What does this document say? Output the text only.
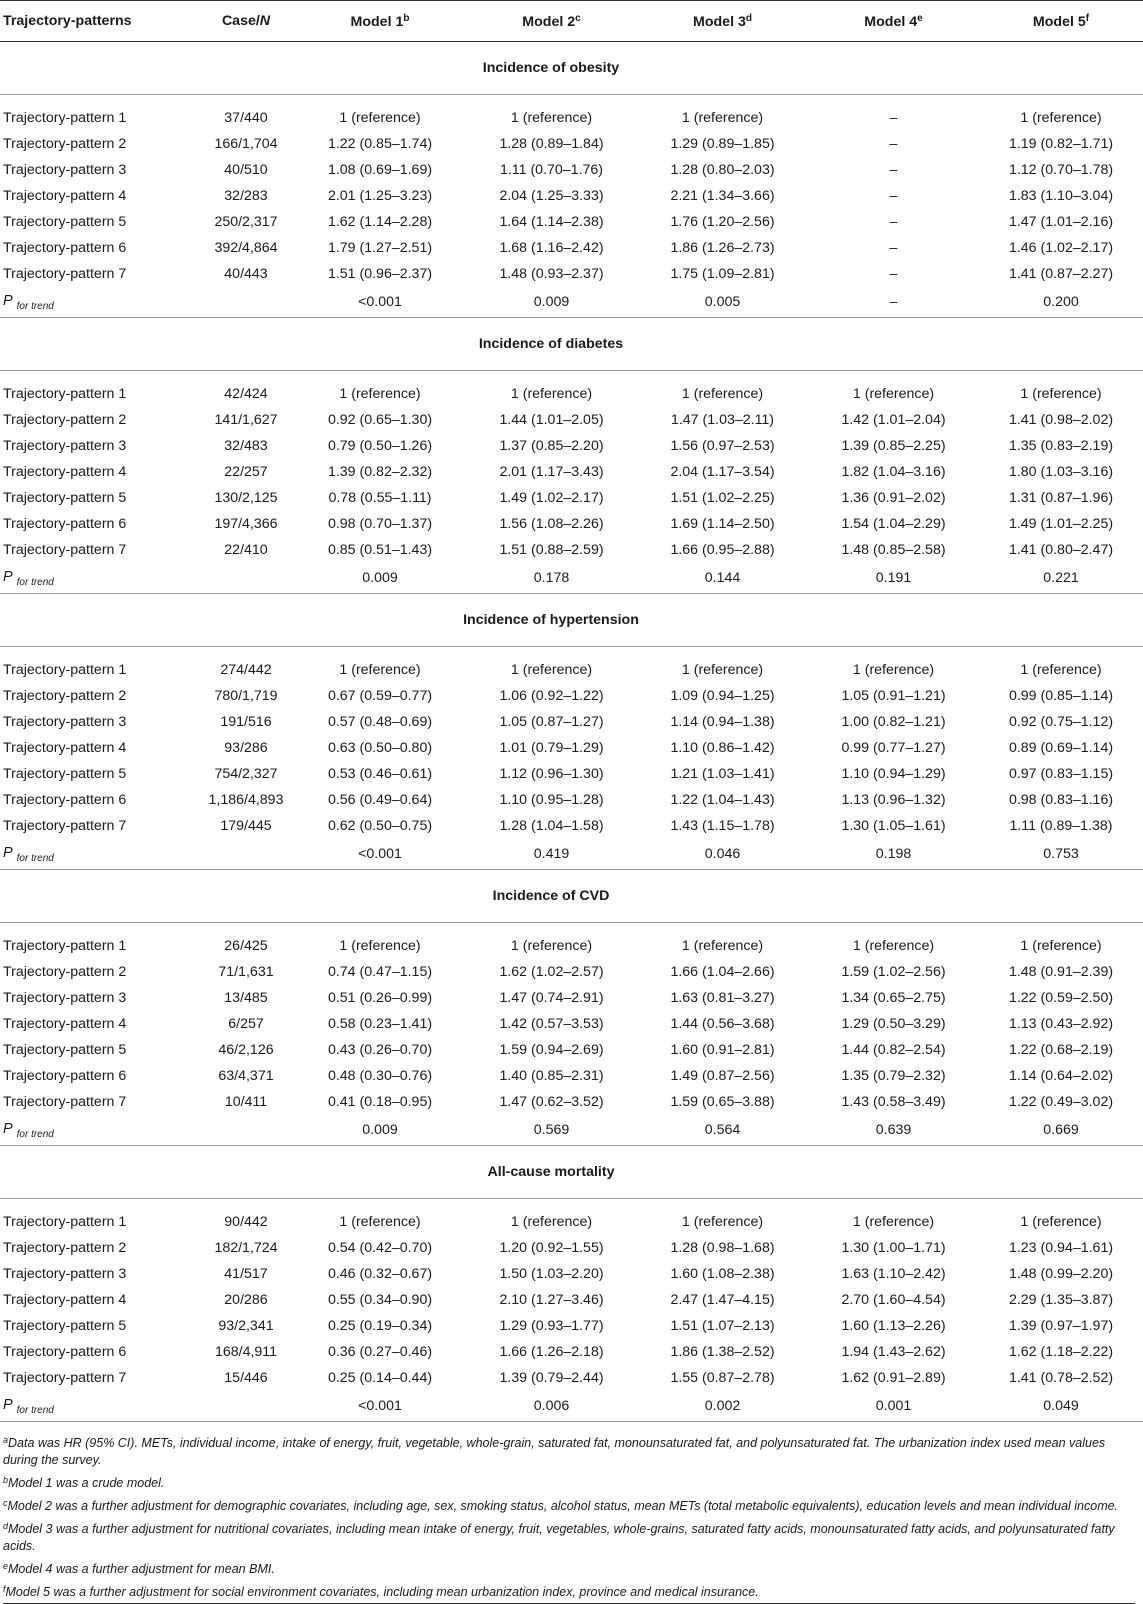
Trajectory-patterns	Case/N	Model 1$^b$	Model 2$^c$	Model 3$^d$	Model 4e	Model 5$^f$
		Incidence of obesity				

Trajectory-pattern 1	37/440	1 (reference)	1 (reference)	1 (reference)	–	1 (reference)
Trajectory-pattern 2	166/1,704	1.22 (0.85–1.74)	1.28 (0.89–1.84)	1.29 (0.89–1.85)	–	1.19 (0.82–1.71)
Trajectory-pattern 3	40/510	1.08 (0.69–1.69)	1.11 (0.70–1.76)	1.28 (0.80–2.03)	–	1.12 (0.70–1.78)
Trajectory-pattern 4	32/283	2.01 (1.25–3.23)	2.04 (1.25–3.33)	2.21 (1.34–3.66)	–	1.83 (1.10–3.04)
Trajectory-pattern 5	250/2,317	1.62 (1.14–2.28)	1.64 (1.14–2.38)	1.76 (1.20–2.56)	–	1.47 (1.01–2.16)
Trajectory-pattern 6	392/4,864	1.79 (1.27–2.51)	1.68 (1.16–2.42)	1.86 (1.26–2.73)	–	1.46 (1.02–2.17)
Trajectory-pattern 7	40/443	1.51 (0.96–2.37)	1.48 (0.93–2.37)	1.75 (1.09–2.81)	–	1.41 (0.87–2.27)
P $_{for trend}$		<0.001	0.009	0.005	–	0.200
		Incidence of diabetes				

Trajectory-pattern 1	42/424	1 (reference)	1 (reference)	1 (reference)	1 (reference)	1 (reference)
Trajectory-pattern 2	141/1,627	0.92 (0.65–1.30)	1.44 (1.01–2.05)	1.47 (1.03–2.11)	1.42 (1.01–2.04)	1.41 (0.98–2.02)
Trajectory-pattern 3	32/483	0.79 (0.50–1.26)	1.37 (0.85–2.20)	1.56 (0.97–2.53)	1.39 (0.85–2.25)	1.35 (0.83–2.19)
Trajectory-pattern 4	22/257	1.39 (0.82–2.32)	2.01 (1.17–3.43)	2.04 (1.17–3.54)	1.82 (1.04–3.16)	1.80 (1.03–3.16)
Trajectory-pattern 5	130/2,125	0.78 (0.55–1.11)	1.49 (1.02–2.17)	1.51 (1.02–2.25)	1.36 (0.91–2.02)	1.31 (0.87–1.96)
Trajectory-pattern 6	197/4,366	0.98 (0.70–1.37)	1.56 (1.08–2.26)	1.69 (1.14–2.50)	1.54 (1.04–2.29)	1.49 (1.01–2.25)
Trajectory-pattern 7	22/410	0.85 (0.51–1.43)	1.51 (0.88–2.59)	1.66 (0.95–2.88)	1.48 (0.85–2.58)	1.41 (0.80–2.47)
P $_{for trend}$		0.009	0.178	0.144	0.191	0.221
		Incidence of hypertension				

Trajectory-pattern 1	274/442	1 (reference)	1 (reference)	1 (reference)	1 (reference)	1 (reference)
Trajectory-pattern 2	780/1,719	0.67 (0.59–0.77)	1.06 (0.92–1.22)	1.09 (0.94–1.25)	1.05 (0.91–1.21)	0.99 (0.85–1.14)
Trajectory-pattern 3	191/516	0.57 (0.48–0.69)	1.05 (0.87–1.27)	1.14 (0.94–1.38)	1.00 (0.82–1.21)	0.92 (0.75–1.12)
Trajectory-pattern 4	93/286	0.63 (0.50–0.80)	1.01 (0.79–1.29)	1.10 (0.86–1.42)	0.99 (0.77–1.27)	0.89 (0.69–1.14)
Trajectory-pattern 5	754/2,327	0.53 (0.46–0.61)	1.12 (0.96–1.30)	1.21 (1.03–1.41)	1.10 (0.94–1.29)	0.97 (0.83–1.15)
Trajectory-pattern 6	1,186/4,893	0.56 (0.49–0.64)	1.10 (0.95–1.28)	1.22 (1.04–1.43)	1.13 (0.96–1.32)	0.98 (0.83–1.16)
Trajectory-pattern 7	179/445	0.62 (0.50–0.75)	1.28 (1.04–1.58)	1.43 (1.15–1.78)	1.30 (1.05–1.61)	1.11 (0.89–1.38)
P $_{for trend}$		<0.001	0.419	0.046	0.198	0.753
		Incidence of CVD				

Trajectory-pattern 1	26/425	1 (reference)	1 (reference)	1 (reference)	1 (reference)	1 (reference)
Trajectory-pattern 2	71/1,631	0.74 (0.47–1.15)	1.62 (1.02–2.57)	1.66 (1.04–2.66)	1.59 (1.02–2.56)	1.48 (0.91–2.39)
Trajectory-pattern 3	13/485	0.51 (0.26–0.99)	1.47 (0.74–2.91)	1.63 (0.81–3.27)	1.34 (0.65–2.75)	1.22 (0.59–2.50)
Trajectory-pattern 4	6/257	0.58 (0.23–1.41)	1.42 (0.57–3.53)	1.44 (0.56–3.68)	1.29 (0.50–3.29)	1.13 (0.43–2.92)
Trajectory-pattern 5	46/2,126	0.43 (0.26–0.70)	1.59 (0.94–2.69)	1.60 (0.91–2.81)	1.44 (0.82–2.54)	1.22 (0.68–2.19)
Trajectory-pattern 6	63/4,371	0.48 (0.30–0.76)	1.40 (0.85–2.31)	1.49 (0.87–2.56)	1.35 (0.79–2.32)	1.14 (0.64–2.02)
Trajectory-pattern 7	10/411	0.41 (0.18–0.95)	1.47 (0.62–3.52)	1.59 (0.65–3.88)	1.43 (0.58–3.49)	1.22 (0.49–3.02)
P $_{for trend}$		0.009	0.569	0.564	0.639	0.669
		All-cause mortality				

Trajectory-pattern 1	90/442	1 (reference)	1 (reference)	1 (reference)	1 (reference)	1 (reference)
Trajectory-pattern 2	182/1,724	0.54 (0.42–0.70)	1.20 (0.92–1.55)	1.28 (0.98–1.68)	1.30 (1.00–1.71)	1.23 (0.94–1.61)
Trajectory-pattern 3	41/517	0.46 (0.32–0.67)	1.50 (1.03–2.20)	1.60 (1.08–2.38)	1.63 (1.10–2.42)	1.48 (0.99–2.20)
Trajectory-pattern 4	20/286	0.55 (0.34–0.90)	2.10 (1.27–3.46)	2.47 (1.47–4.15)	2.70 (1.60–4.54)	2.29 (1.35–3.87)
Trajectory-pattern 5	93/2,341	0.25 (0.19–0.34)	1.29 (0.93–1.77)	1.51 (1.07–2.13)	1.60 (1.13–2.26)	1.39 (0.97–1.97)
Trajectory-pattern 6	168/4,911	0.36 (0.27–0.46)	1.66 (1.26–2.18)	1.86 (1.38–2.52)	1.94 (1.43–2.62)	1.62 (1.18–2.22)
Trajectory-pattern 7	15/446	0.25 (0.14–0.44)	1.39 (0.79–2.44)	1.55 (0.87–2.78)	1.62 (0.91–2.89)	1.41 (0.78–2.52)
P $_{for trend}$		<0.001	0.006	0.002	0.001	0.049

$^a$Data was HR (95% CI). METs, individual income, intake of energy, fruit, vegetable, whole-grain, saturated fat, monounsaturated fat, and polyunsaturated fat. The urbanization index used mean values during the survey.

$^b$Model 1 was a crude model.

$^c$Model 2 was a further adjustment for demographic covariates, including age, sex, smoking status, alcohol status, mean METs (total metabolic equivalents), education levels and mean individual income.

$^d$Model 3 was a further adjustment for nutritional covariates, including mean intake of energy, fruit, vegetables, whole-grains, saturated fatty acids, monounsaturated fatty acids, and polyunsaturated fatty acids.

$^e$Model 4 was a further adjustment for mean BMI.

$^f$Model 5 was a further adjustment for social environment covariates, including mean urbanization index, province and medical insurance.
